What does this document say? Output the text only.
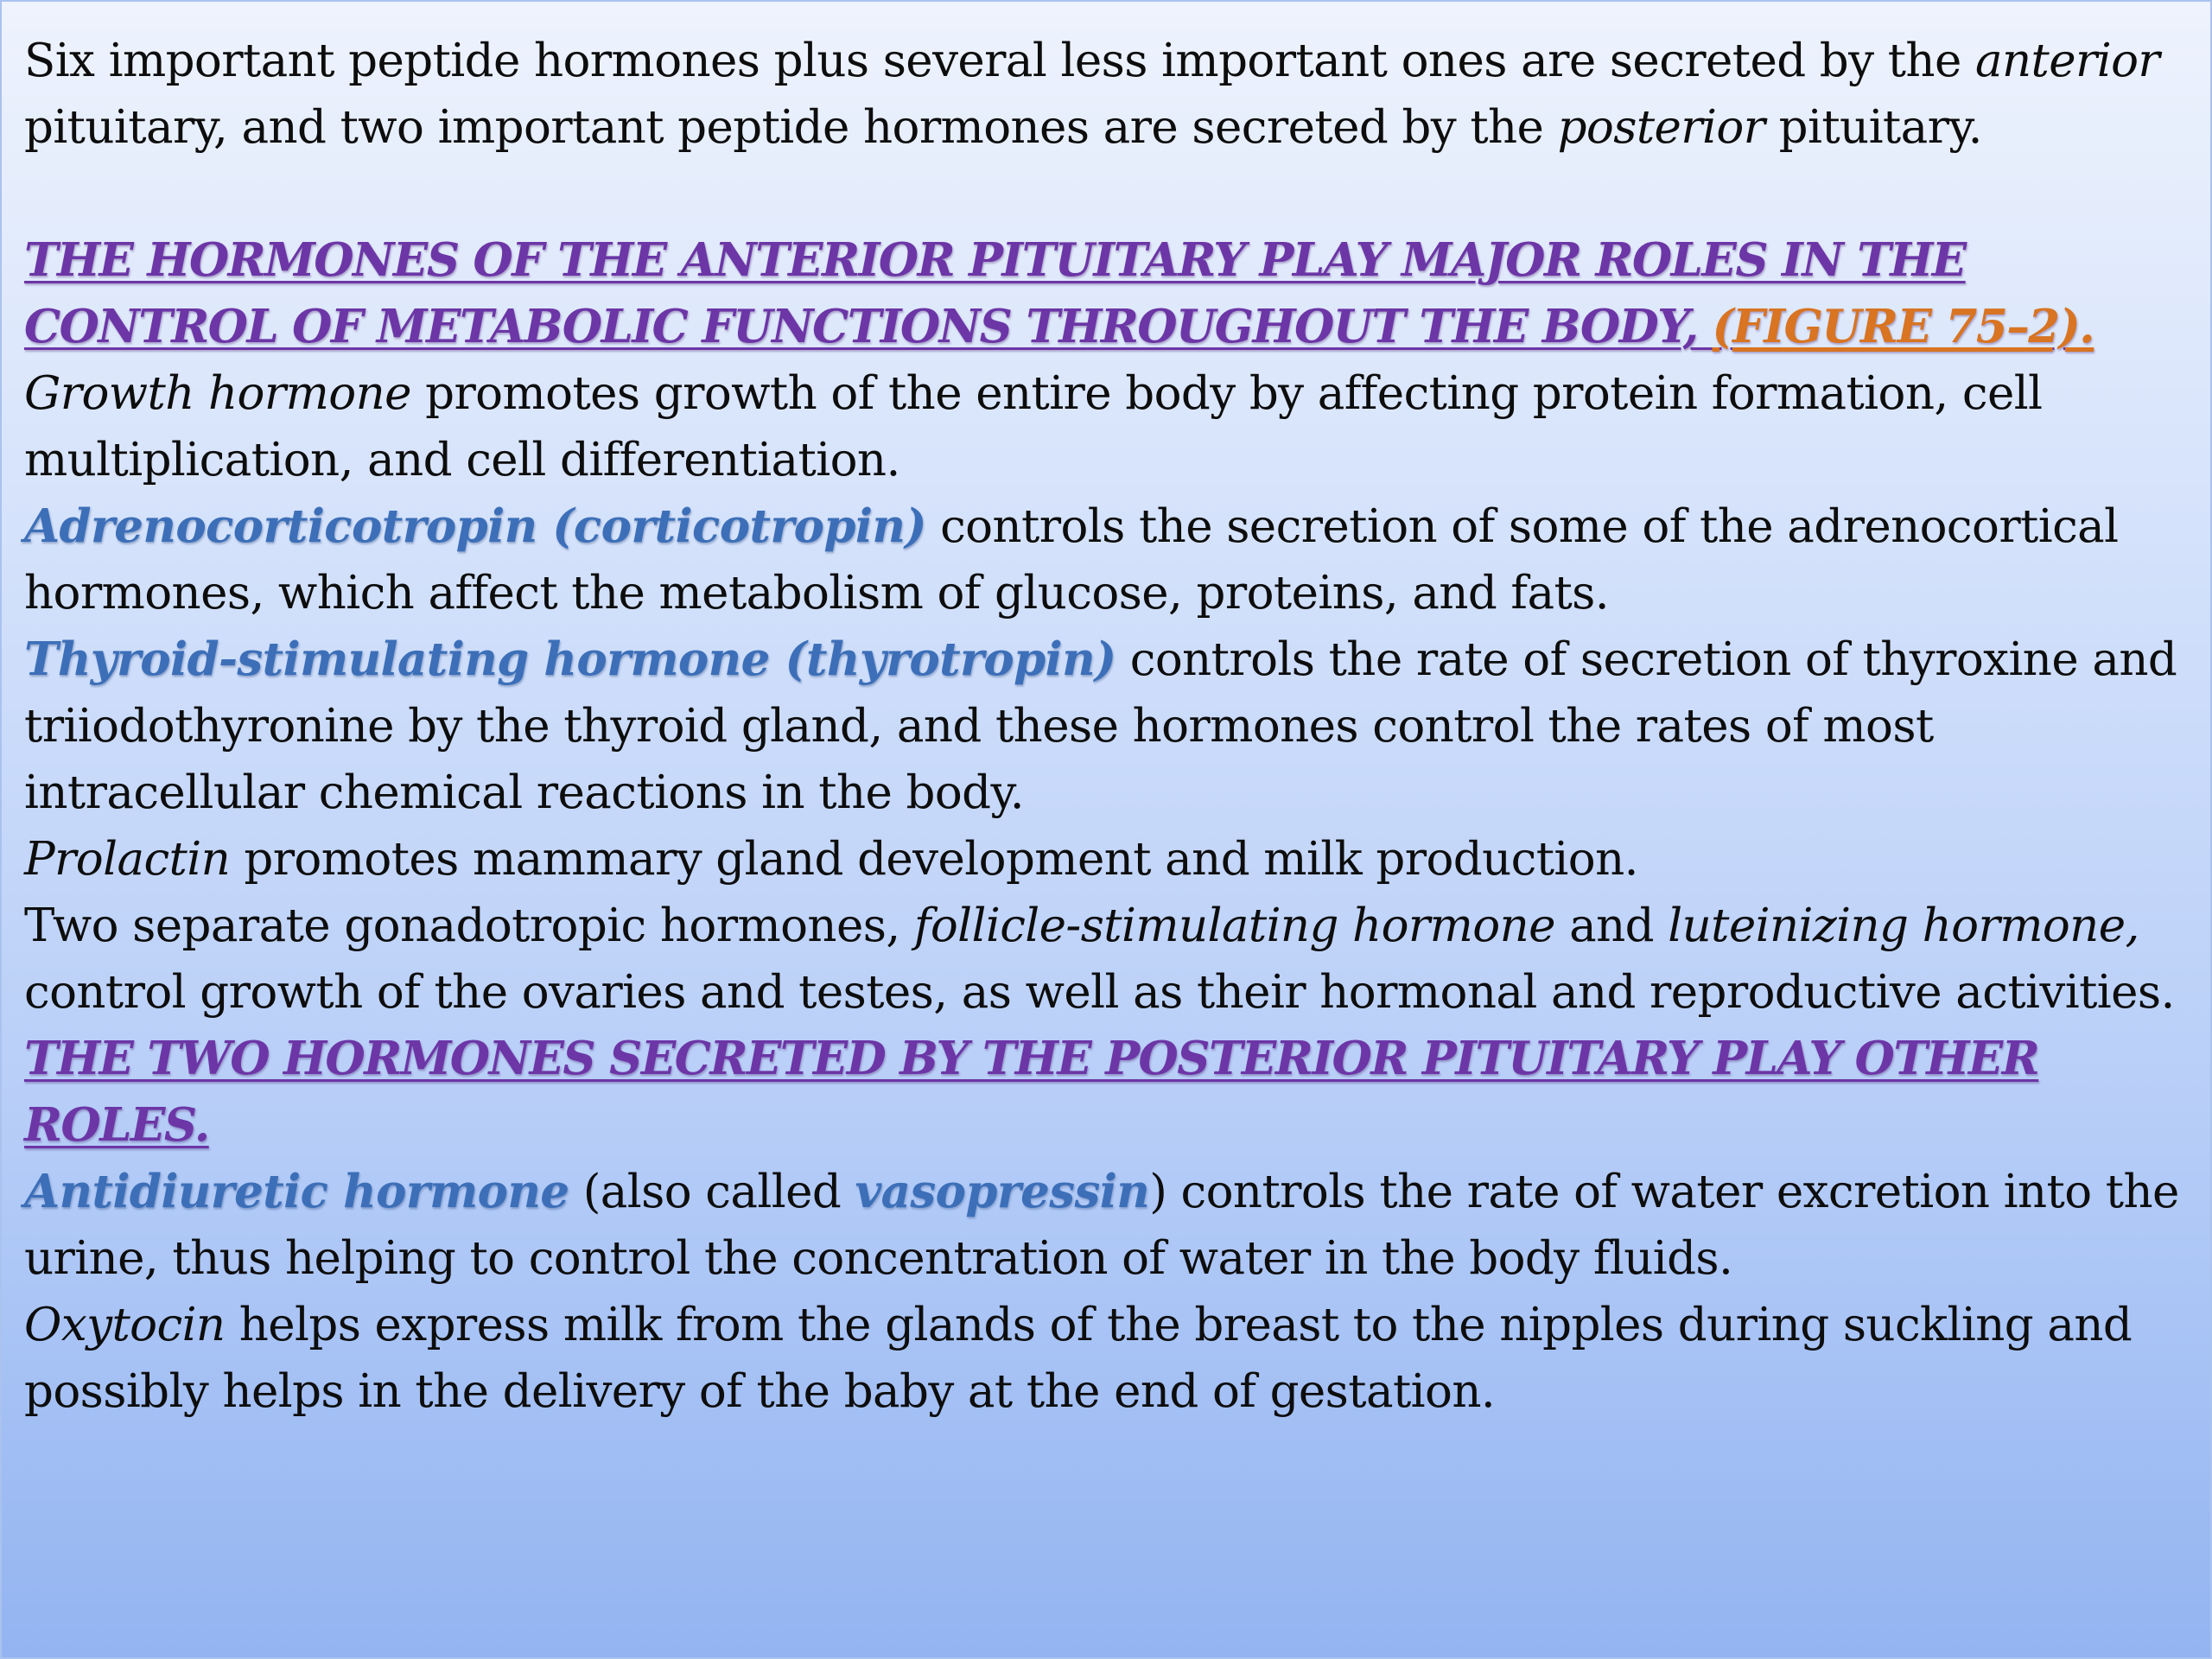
Six important peptide hormones plus several less important ones are secreted by the anterior pituitary, and two important peptide hormones are secreted by the posterior pituitary.

THE HORMONES OF THE ANTERIOR PITUITARY PLAY MAJOR ROLES IN THE CONTROL OF METABOLIC FUNCTIONS THROUGHOUT THE BODY, (FIGURE 75–2).

Growth hormone promotes growth of the entire body by affecting protein formation, cell multiplication, and cell differentiation.

Adrenocorticotropin (corticotropin) controls the secretion of some of the adrenocortical hormones, which affect the metabolism of glucose, proteins, and fats.

Thyroid-stimulating hormone (thyrotropin) controls the rate of secretion of thyroxine and triiodothyronine by the thyroid gland, and these hormones control the rates of most intracellular chemical reactions in the body.

Prolactin promotes mammary gland development and milk production.

Two separate gonadotropic hormones, follicle-stimulating hormone and luteinizing hormone, control growth of the ovaries and testes, as well as their hormonal and reproductive activities.

THE TWO HORMONES SECRETED BY THE POSTERIOR PITUITARY PLAY OTHER ROLES.

Antidiuretic hormone (also called vasopressin) controls the rate of water excretion into the urine, thus helping to control the concentration of water in the body fluids.

Oxytocin helps express milk from the glands of the breast to the nipples during suckling and possibly helps in the delivery of the baby at the end of gestation.
